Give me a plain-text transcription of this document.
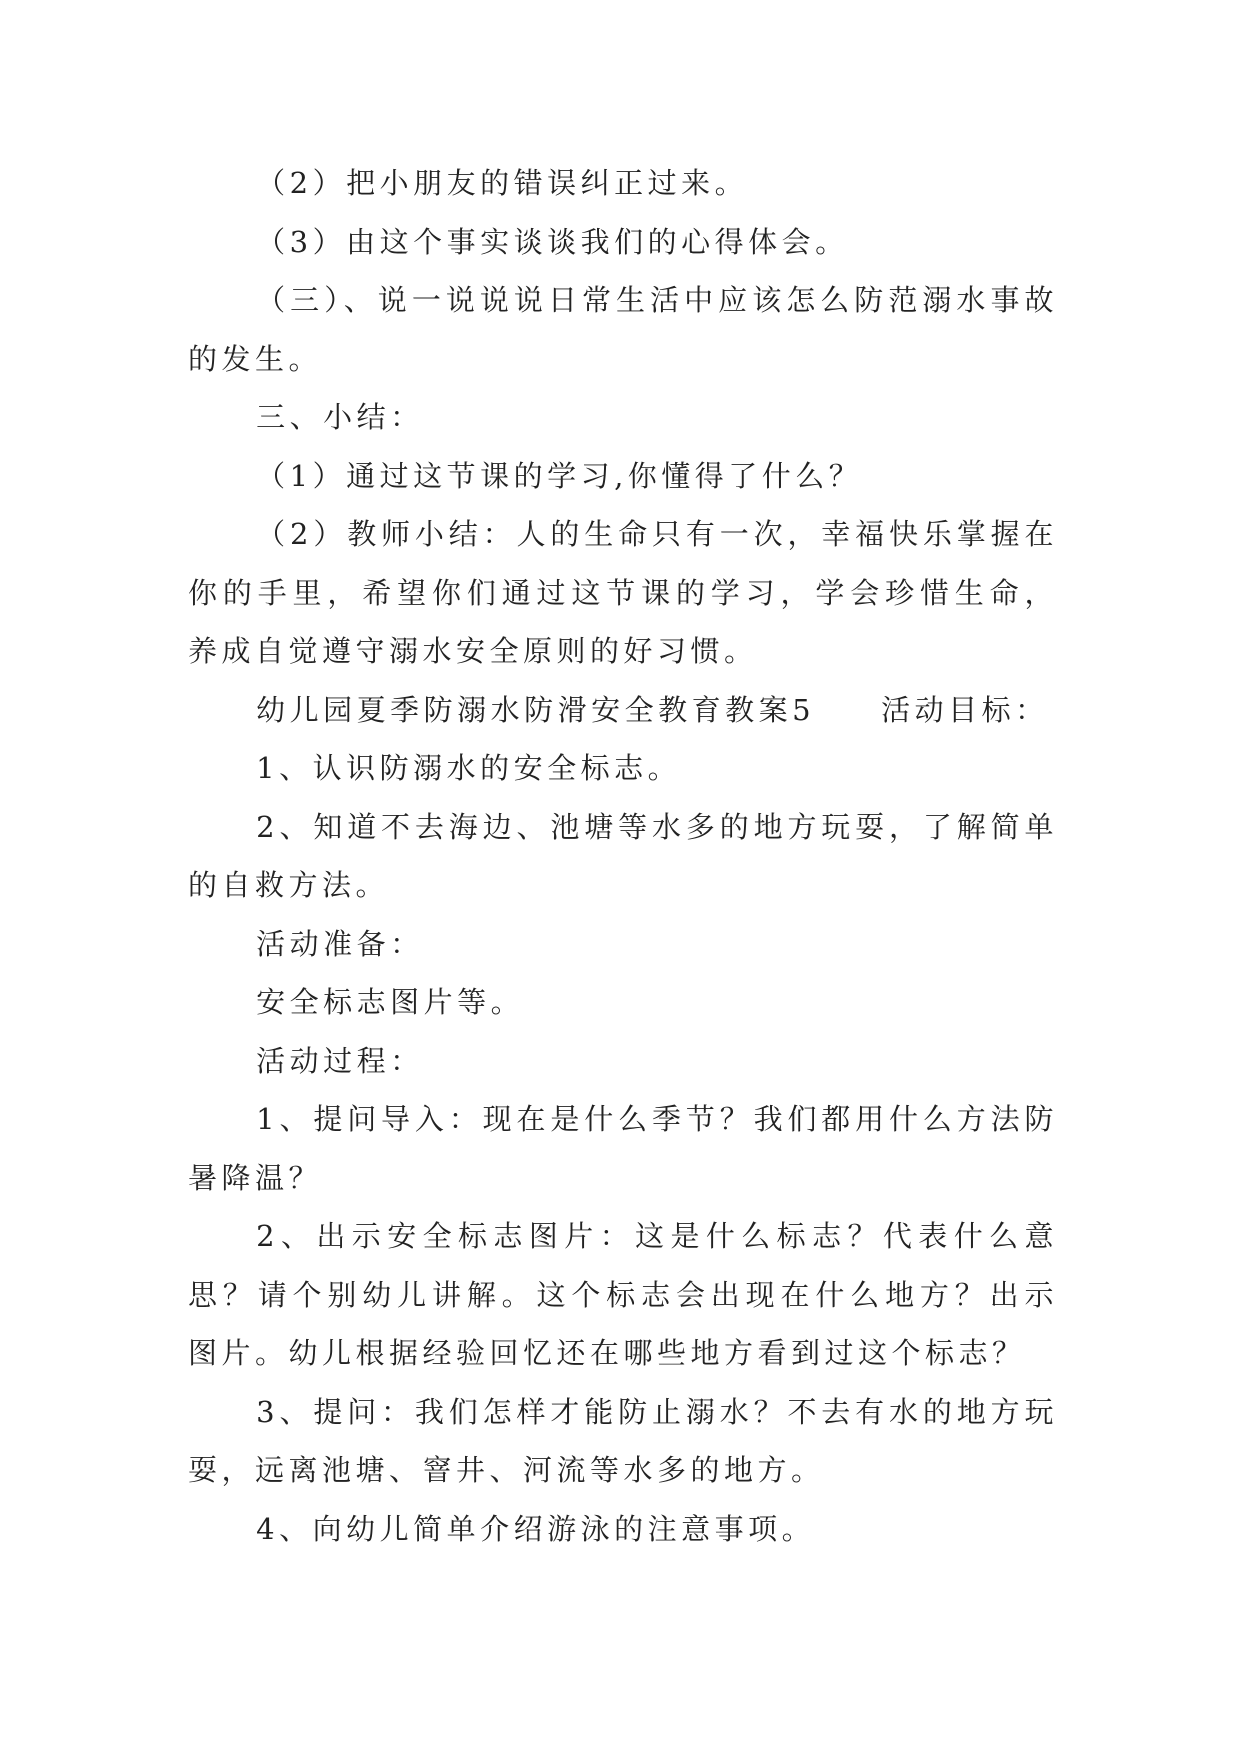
（2）把小朋友的错误纠正过来。

（3）由这个事实谈谈我们的心得体会。

（三）、说一说说说日常生活中应该怎么防范溺水事故的发生。

三、小结：

（1）通过这节课的学习,你懂得了什么？

（2）教师小结：人的生命只有一次，幸福快乐掌握在你的手里，希望你们通过这节课的学习，学会珍惜生命，养成自觉遵守溺水安全原则的好习惯。

幼儿园夏季防溺水防滑安全教育教案5 活动目标：

1、认识防溺水的安全标志。

2、知道不去海边、池塘等水多的地方玩耍，了解简单的自救方法。

活动准备：

安全标志图片等。

活动过程：

1、提问导入：现在是什么季节？我们都用什么方法防暑降温？

2、出示安全标志图片：这是什么标志？代表什么意思？请个别幼儿讲解。这个标志会出现在什么地方？出示图片。幼儿根据经验回忆还在哪些地方看到过这个标志？

3、提问：我们怎样才能防止溺水？不去有水的地方玩耍，远离池塘、窨井、河流等水多的地方。

4、向幼儿简单介绍游泳的注意事项。
